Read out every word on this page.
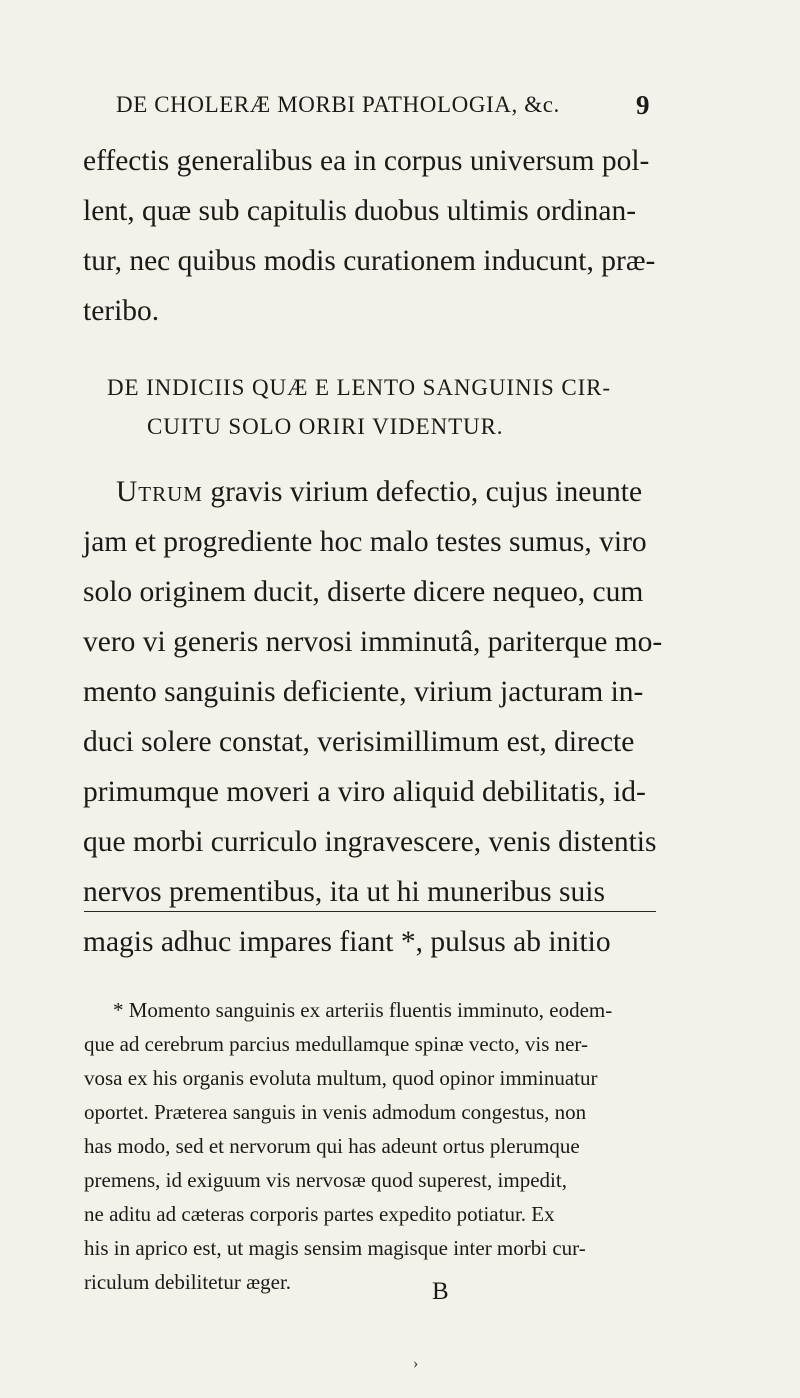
DE CHOLERÆ MORBI PATHOLOGIA, &c.	9
effectis generalibus ea in corpus universum pol-
lent, quæ sub capitulis duobus ultimis ordinan-
tur, nec quibus modis curationem inducunt, præ-
teribo.
DE INDICIIS QUÆ E LENTO SANGUINIS CIR-
CUITU SOLO ORIRI VIDENTUR.
Utrum gravis virium defectio, cujus ineunte
jam et progrediente hoc malo testes sumus, viro
solo originem ducit, diserte dicere nequeo, cum
vero vi generis nervosi imminutâ, pariterque mo-
mento sanguinis deficiente, virium jacturam in-
duci solere constat, verisimillimum est, directe
primumque moveri a viro aliquid debilitatis, id-
que morbi curriculo ingravescere, venis distentis
nervos prementibus, ita ut hi muneribus suis
magis adhuc impares fiant *, pulsus ab initio
* Momento sanguinis ex arteriis fluentis imminuto, eodem-
que ad cerebrum parcius medullamque spinæ vecto, vis ner-
vosa ex his organis evoluta multum, quod opinor imminuatur
oportet. Præterea sanguis in venis admodum congestus, non
has modo, sed et nervorum qui has adeunt ortus plerumque
premens, id exiguum vis nervosæ quod superest, impedit,
ne aditu ad cæteras corporis partes expedito potiatur. Ex
his in aprico est, ut magis sensim magisque inter morbi cur-
riculum debilitetur æger.	B
›
